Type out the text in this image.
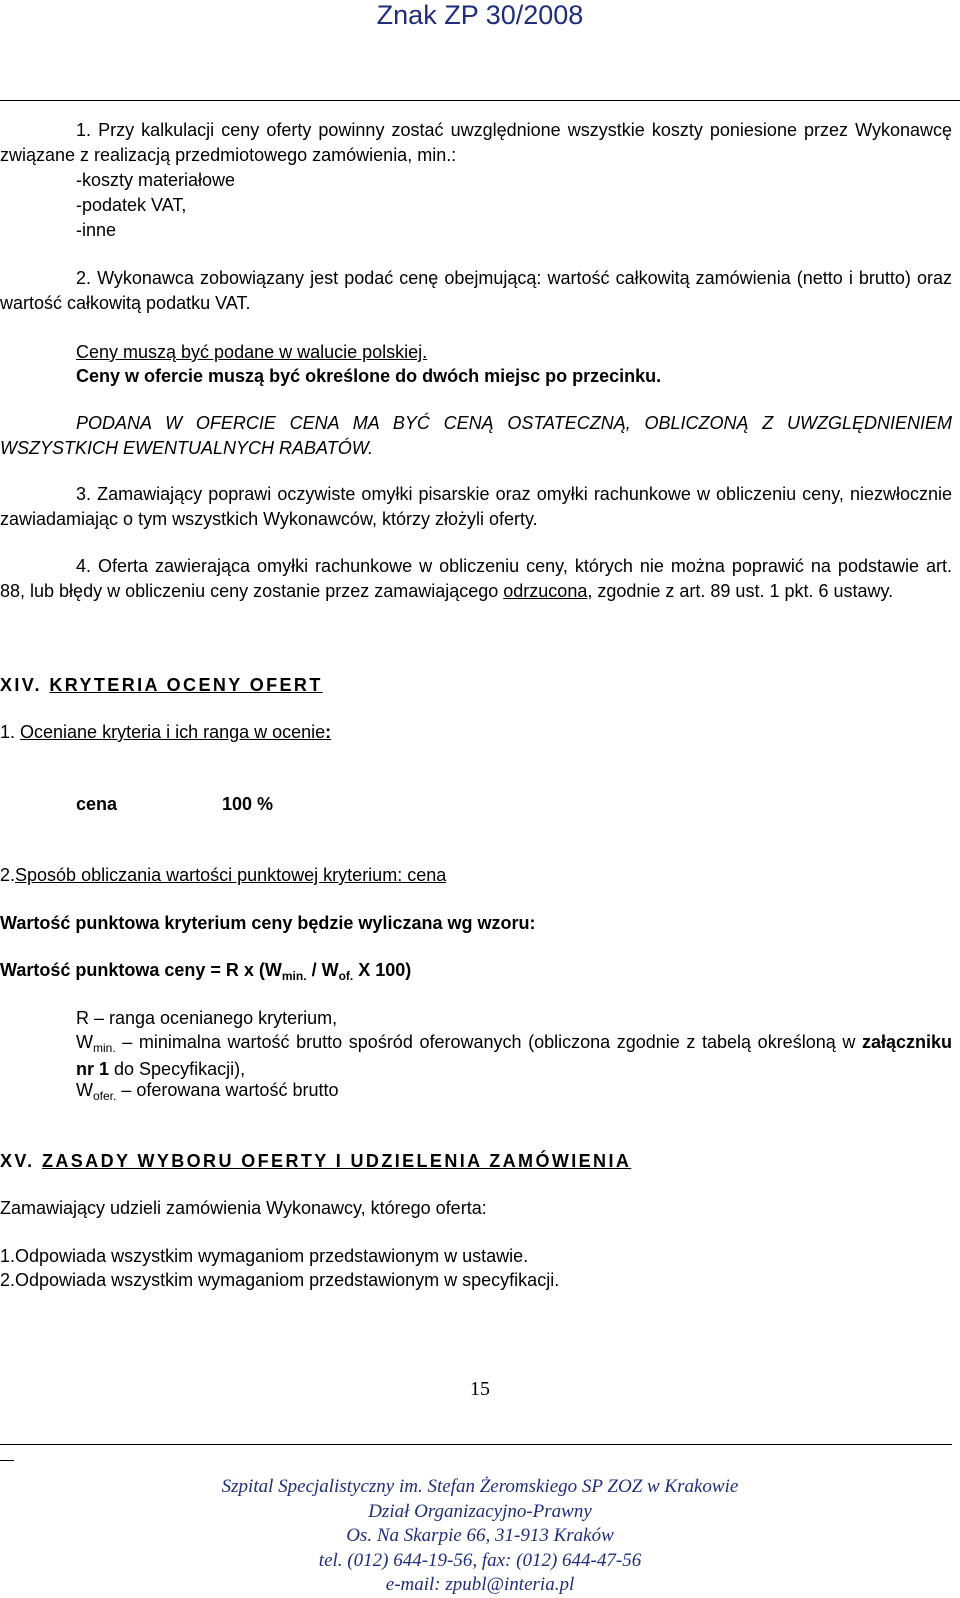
Znak ZP 30/2008
1. Przy kalkulacji ceny oferty powinny zostać uwzględnione wszystkie koszty poniesione przez Wykonawcę związane z realizacją przedmiotowego zamówienia, min.:
-koszty materiałowe
-podatek VAT,
-inne
2. Wykonawca zobowiązany jest podać cenę obejmującą: wartość całkowitą zamówienia (netto i brutto) oraz wartość całkowitą podatku VAT.
Ceny muszą być podane w walucie polskiej.
Ceny w ofercie muszą być określone do dwóch miejsc po przecinku.
PODANA W OFERCIE CENA MA BYĆ CENĄ OSTATECZNĄ, OBLICZONĄ Z UWZGLĘDNIENIEM WSZYSTKICH EWENTUALNYCH RABATÓW.
3. Zamawiający poprawi oczywiste omyłki pisarskie oraz omyłki rachunkowe w obliczeniu ceny, niezwłocznie zawiadamiając o tym wszystkich Wykonawców, którzy złożyli oferty.
4. Oferta zawierająca omyłki rachunkowe w obliczeniu ceny, których nie można poprawić na podstawie art. 88, lub błędy w obliczeniu ceny zostanie przez zamawiającego odrzucona, zgodnie z art. 89 ust. 1 pkt. 6 ustawy.
XIV. KRYTERIA OCENY OFERT
1. Oceniane kryteria i ich ranga w ocenie:
cena	100 %
2.Sposób obliczania wartości punktowej kryterium: cena
Wartość punktowa kryterium ceny będzie wyliczana wg wzoru:
Wartość punktowa ceny = R x ($W_{min.} / W_{of.}$ X 100)
R – ranga ocenianego kryterium,
$W_{min.}$ – minimalna wartość brutto spośród oferowanych (obliczona zgodnie z tabelą określoną w załączniku nr 1 do Specyfikacji),
$W_{ofer.}$ – oferowana wartość brutto
XV. ZASADY WYBORU OFERTY I UDZIELENIA ZAMÓWIENIA
Zamawiający udzieli zamówienia Wykonawcy, którego oferta:
1.Odpowiada wszystkim wymaganiom przedstawionym w ustawie.
2.Odpowiada wszystkim wymaganiom przedstawionym w specyfikacji.
15
Szpital Specjalistyczny im. Stefan Żeromskiego SP ZOZ w Krakowie
Dział Organizacyjno-Prawny
Os. Na Skarpie 66, 31-913 Kraków
tel. (012) 644-19-56, fax: (012) 644-47-56
e-mail: zpubl@interia.pl
